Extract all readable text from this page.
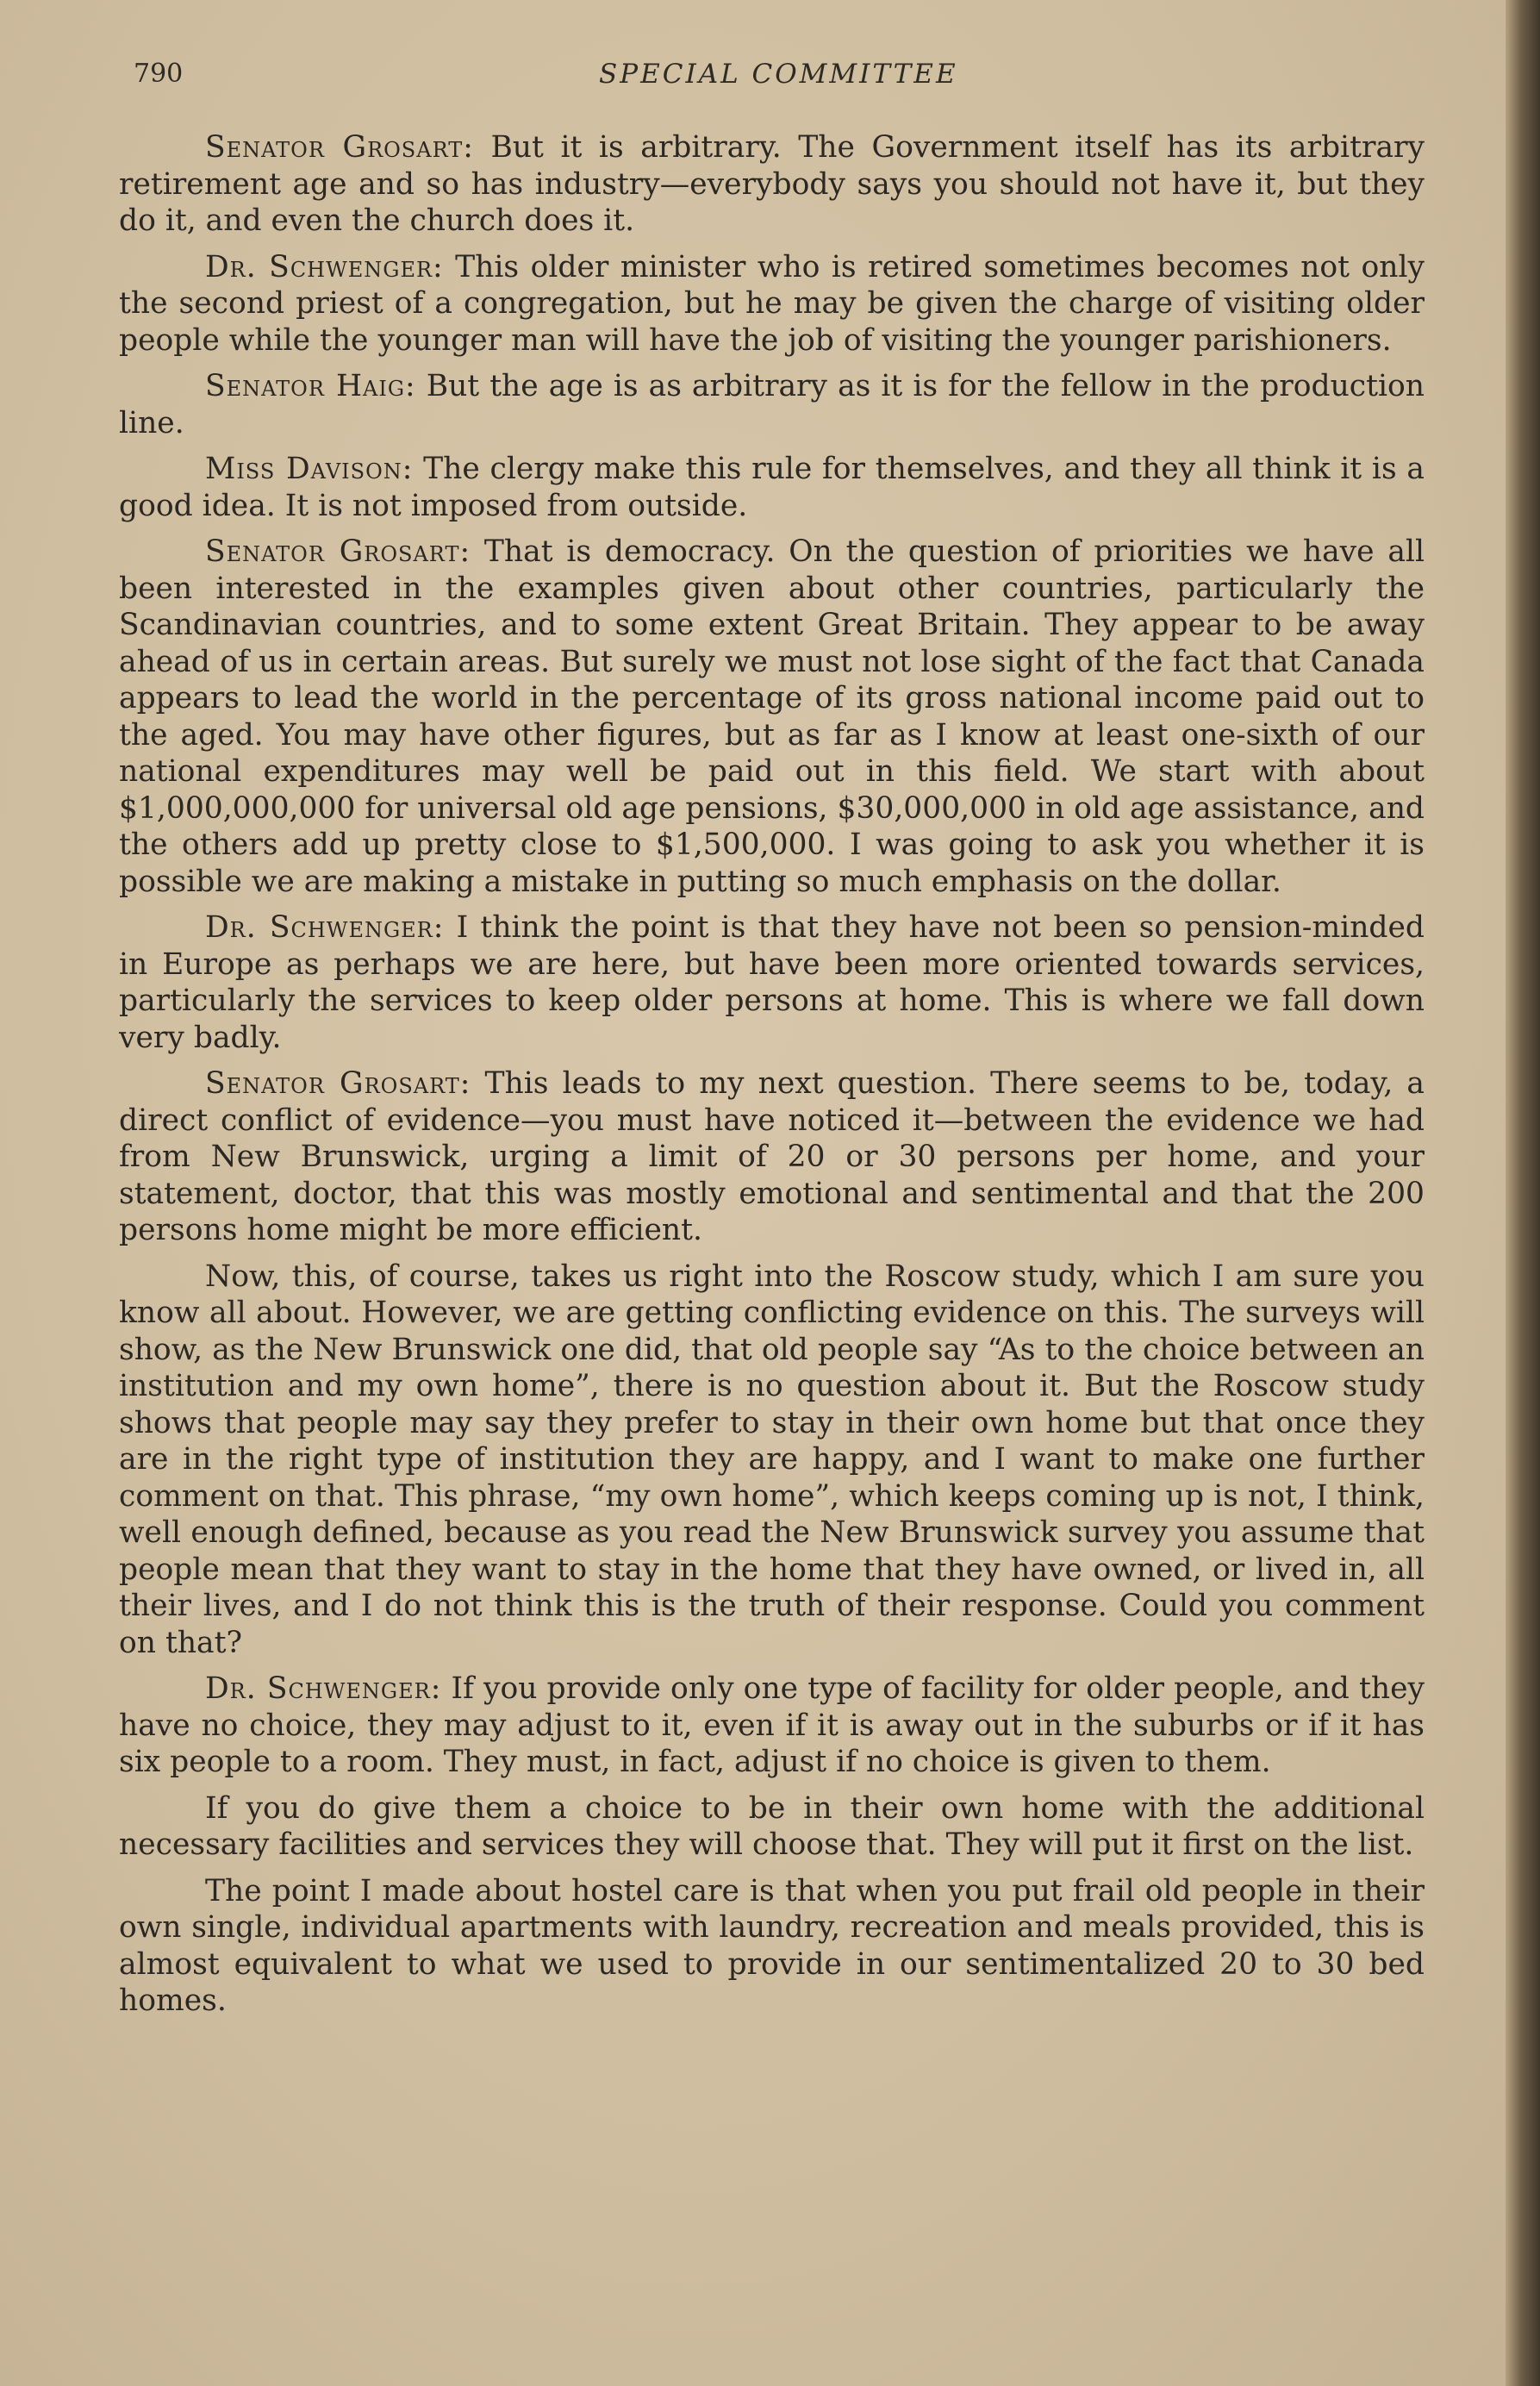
790	SPECIAL COMMITTEE

Senator Grosart: But it is arbitrary. The Government itself has its arbitrary retirement age and so has industry—everybody says you should not have it, but they do it, and even the church does it.

Dr. Schwenger: This older minister who is retired sometimes becomes not only the second priest of a congregation, but he may be given the charge of visiting older people while the younger man will have the job of visiting the younger parishioners.

Senator Haig: But the age is as arbitrary as it is for the fellow in the production line.

Miss Davison: The clergy make this rule for themselves, and they all think it is a good idea. It is not imposed from outside.

Senator Grosart: That is democracy. On the question of priorities we have all been interested in the examples given about other countries, particularly the Scandinavian countries, and to some extent Great Britain. They appear to be away ahead of us in certain areas. But surely we must not lose sight of the fact that Canada appears to lead the world in the percentage of its gross national income paid out to the aged. You may have other figures, but as far as I know at least one-sixth of our national expenditures may well be paid out in this field. We start with about $1,000,000,000 for universal old age pensions, $30,000,000 in old age assistance, and the others add up pretty close to $1,500,000. I was going to ask you whether it is possible we are making a mistake in putting so much emphasis on the dollar.

Dr. Schwenger: I think the point is that they have not been so pension-minded in Europe as perhaps we are here, but have been more oriented towards services, particularly the services to keep older persons at home. This is where we fall down very badly.

Senator Grosart: This leads to my next question. There seems to be, today, a direct conflict of evidence—you must have noticed it—between the evidence we had from New Brunswick, urging a limit of 20 or 30 persons per home, and your statement, doctor, that this was mostly emotional and sentimental and that the 200 persons home might be more efficient.

Now, this, of course, takes us right into the Roscow study, which I am sure you know all about. However, we are getting conflicting evidence on this. The surveys will show, as the New Brunswick one did, that old people say “As to the choice between an institution and my own home”, there is no question about it. But the Roscow study shows that people may say they prefer to stay in their own home but that once they are in the right type of institution they are happy, and I want to make one further comment on that. This phrase, “my own home”, which keeps coming up is not, I think, well enough defined, because as you read the New Brunswick survey you assume that people mean that they want to stay in the home that they have owned, or lived in, all their lives, and I do not think this is the truth of their response. Could you comment on that?

Dr. Schwenger: If you provide only one type of facility for older people, and they have no choice, they may adjust to it, even if it is away out in the suburbs or if it has six people to a room. They must, in fact, adjust if no choice is given to them.

If you do give them a choice to be in their own home with the additional necessary facilities and services they will choose that. They will put it first on the list.

The point I made about hostel care is that when you put frail old people in their own single, individual apartments with laundry, recreation and meals provided, this is almost equivalent to what we used to provide in our sentimentalized 20 to 30 bed homes.
